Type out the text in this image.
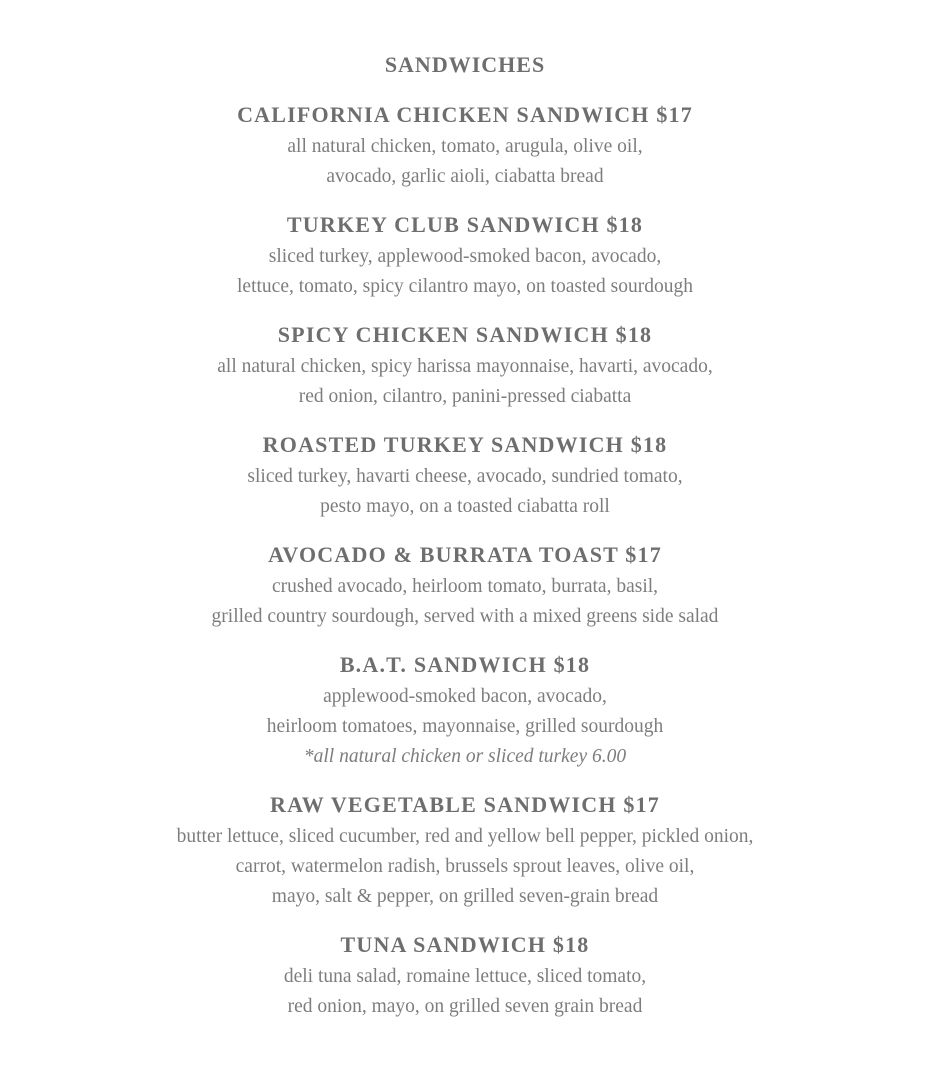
SANDWICHES
CALIFORNIA CHICKEN SANDWICH $17
all natural chicken, tomato, arugula, olive oil,
avocado, garlic aioli, ciabatta bread
TURKEY CLUB SANDWICH $18
sliced turkey, applewood-smoked bacon, avocado,
lettuce, tomato, spicy cilantro mayo, on toasted sourdough
SPICY CHICKEN SANDWICH $18
all natural chicken, spicy harissa mayonnaise, havarti, avocado,
red onion, cilantro, panini-pressed ciabatta
ROASTED TURKEY SANDWICH $18
sliced turkey, havarti cheese, avocado, sundried tomato,
pesto mayo, on a toasted ciabatta roll
AVOCADO & BURRATA TOAST $17
crushed avocado, heirloom tomato, burrata, basil,
grilled country sourdough, served with a mixed greens side salad
B.A.T. SANDWICH $18
applewood-smoked bacon, avocado,
heirloom tomatoes, mayonnaise, grilled sourdough
*all natural chicken or sliced turkey 6.00
RAW VEGETABLE SANDWICH $17
butter lettuce, sliced cucumber, red and yellow bell pepper, pickled onion,
carrot, watermelon radish, brussels sprout leaves, olive oil,
mayo, salt & pepper, on grilled seven-grain bread
TUNA SANDWICH $18
deli tuna salad, romaine lettuce, sliced tomato,
red onion, mayo, on grilled seven grain bread
